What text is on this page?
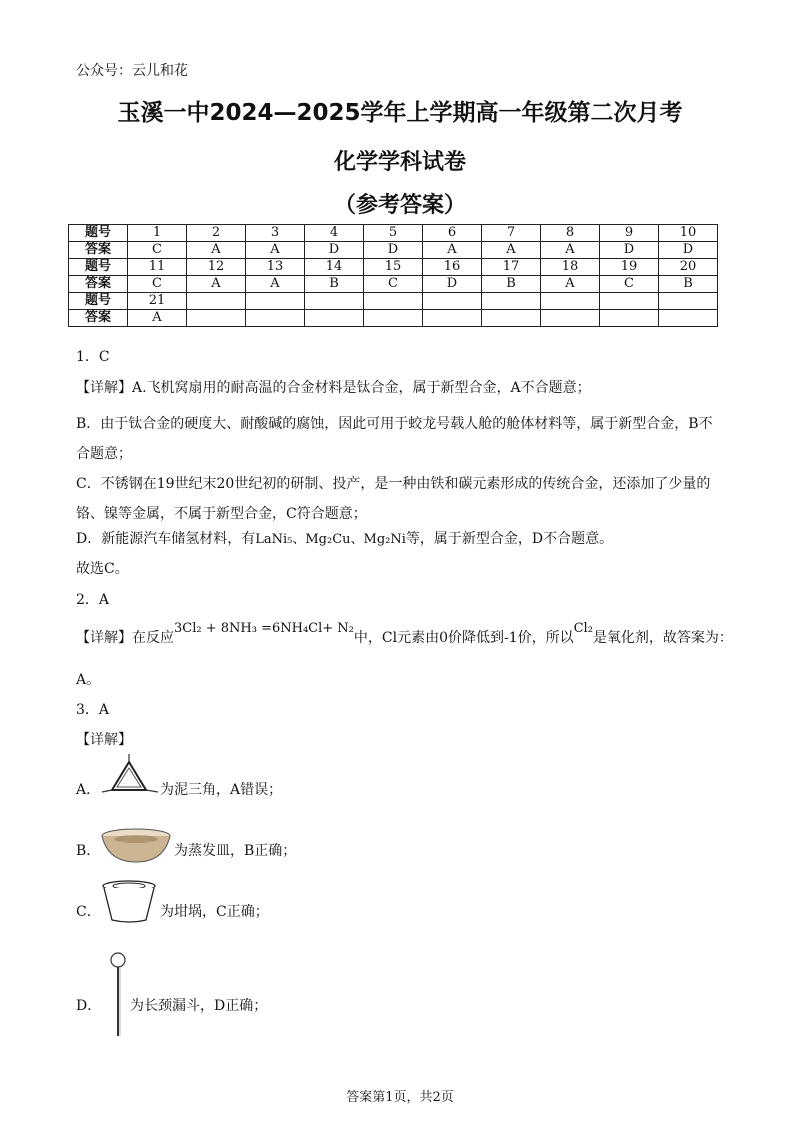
公众号：云儿和花
玉溪一中2024—2025学年上学期高一年级第二次月考
化学学科试卷
（参考答案）
题号	1	2	3	4	5	6	7	8	9	10
答案	C	A	A	D	D	A	A	A	D	D
题号	11	12	13	14	15	16	17	18	19	20
答案	C	A	A	B	C	D	B	A	C	B
题号	21									
答案	A									
1．C
【详解】A.飞机窝扇用的耐高温的合金材料是钛合金，属于新型合金，A不合题意；
B．由于钛合金的硬度大、耐酸碱的腐蚀，因此可用于蛟龙号载人舱的舱体材料等，属于新型合金，B不合题意；
C．不锈钢在19世纪末20世纪初的研制、投产，是一种由铁和碳元素形成的传统合金，还添加了少量的铬、镍等金属，不属于新型合金，C符合题意；
D．新能源汽车储氢材料，有LaNi₅、Mg₂Cu、Mg₂Ni等，属于新型合金，D不合题意。
故选C。
2．A
【详解】在反应3Cl₂ + 8NH₃ =6NH₄Cl+ N₂中，Cl元素由0价降低到-1价，所以Cl₂是氧化剂，故答案为：
A。
3．A
【详解】
A．	为泥三角，A错误；
B．	为蒸发皿，B正确；
C．	为坩埚，C正确；
D． 为长颈漏斗，D正确；
答案第1页，共2页
